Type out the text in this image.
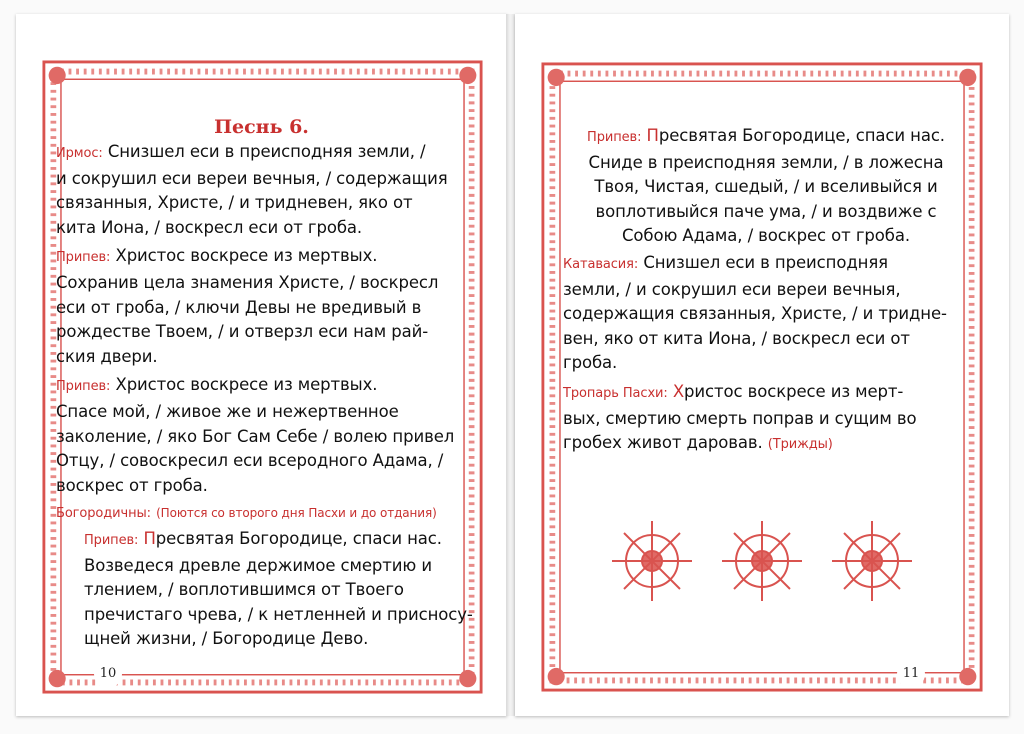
10
Песнь 6.
Ирмос: Снизшел еси в преисподняя земли, /
и сокрушил еси вереи вечныя, / содержащия
связанныя, Христе, / и тридневен, яко от
кита Иона, / воскресл еси от гроба.
Припев: Христос воскресе из мертвых.
Сохранив цела знамения Христе, / воскресл
еси от гроба, / ключи Девы не вредивый в
рождестве Твоем, / и отверзл еси нам рай-
ския двери.
Припев: Христос воскресе из мертвых.
Спасе мой, / живое же и нежертвенное
заколение, / яко Бог Сам Себе / волею привел
Отцу, / совоскресил еси всеродного Адама, /
воскрес от гроба.
Богородичны: (Поются со второго дня Пасхи и до отдания)
Припев: Пресвятая Богородице, спаси нас.
Возведеся древле держимое смертию и
тлением, / воплотившимся от Твоего
пречистаго чрева, / к нетленней и присносу-
щней жизни, / Богородице Дево.
11
Припев: Пресвятая Богородице, спаси нас.
Сниде в преисподняя земли, / в ложесна
Твоя, Чистая, сшедый, / и вселивыйся и
воплотивыйся паче ума, / и воздвиже с
Собою Адама, / воскрес от гроба.
Катавасия: Снизшел еси в преисподняя
земли, / и сокрушил еси вереи вечныя,
содержащия связанныя, Христе, / и тридне-
вен, яко от кита Иона, / воскресл еси от
гроба.
Тропарь Пасхи: Христос воскресе из мерт-
вых, смертию смерть поправ и сущим во
гробех живот даровав. (Трижды)
